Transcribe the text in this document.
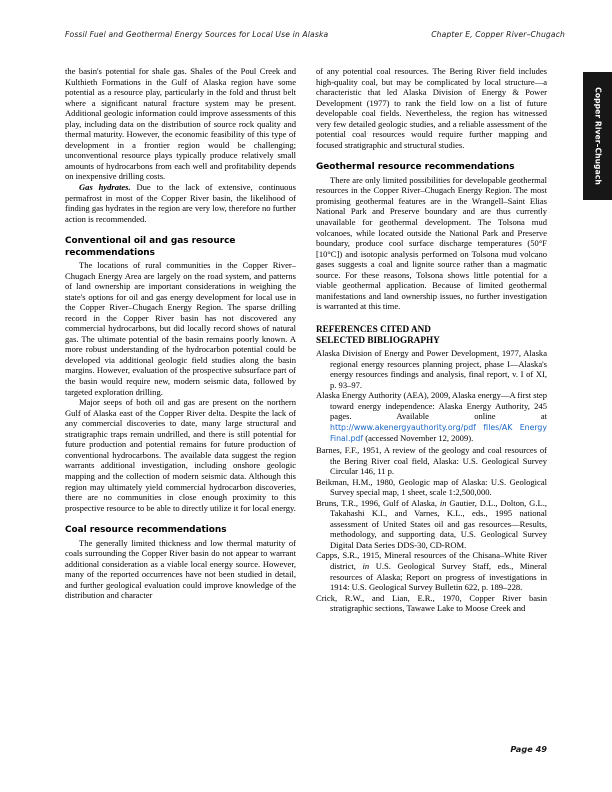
Fossil Fuel and Geothermal Energy Sources for Local Use in Alaska	Chapter E, Copper River–Chugach
Copper River–Chugach

the basin's potential for shale gas. Shales of the Poul Creek and Kulthieth Formations in the Gulf of Alaska region have some potential as a resource play, particularly in the fold and thrust belt where a significant natural fracture system may be present. Additional geologic information could improve assessments of this play, including data on the distribution of source rock quality and thermal maturity. However, the economic feasibility of this type of development in a frontier region would be challenging; unconventional resource plays typically produce relatively small amounts of hydrocarbons from each well and profitability depends on inexpensive drilling costs.

Gas hydrates. Due to the lack of extensive, continuous permafrost in most of the Copper River basin, the likelihood of finding gas hydrates in the region are very low, therefore no further action is recommended.

Conventional oil and gas resource recommendations

The locations of rural communities in the Copper River–Chugach Energy Area are largely on the road system, and patterns of land ownership are important considerations in weighing the state's options for oil and gas energy development for local use in the Copper River–Chugach Energy Region. The sparse drilling record in the Copper River basin has not discovered any commercial hydrocarbons, but did locally record shows of natural gas. The ultimate potential of the basin remains poorly known. A more robust understanding of the hydrocarbon potential could be developed via additional geologic field studies along the basin margins. However, evaluation of the prospective subsurface part of the basin would require new, modern seismic data, followed by targeted exploration drilling.

Major seeps of both oil and gas are present on the northern Gulf of Alaska east of the Copper River delta. Despite the lack of any commercial discoveries to date, many large structural and stratigraphic traps remain undrilled, and there is still potential for future production and potential remains for future production of conventional hydrocarbons. The available data suggest the region warrants additional investigation, including onshore geologic mapping and the collection of modern seismic data. Although this region may ultimately yield commercial hydrocarbon discoveries, there are no communities in close enough proximity to this prospective resource to be able to directly utilize it for local energy.

Coal resource recommendations

The generally limited thickness and low thermal maturity of coals surrounding the Copper River basin do not appear to warrant additional consideration as a viable local energy source. However, many of the reported occurrences have not been studied in detail, and further geological evaluation could improve knowledge of the distribution and character

of any potential coal resources. The Bering River field includes high-quality coal, but may be complicated by local structure—a characteristic that led Alaska Division of Energy & Power Development (1977) to rank the field low on a list of future developable coal fields. Nevertheless, the region has witnessed very few detailed geologic studies, and a reliable assessment of the potential coal resources would require further mapping and focused stratigraphic and structural studies.

Geothermal resource recommendations

There are only limited possibilities for developable geothermal resources in the Copper River–Chugach Energy Region. The most promising geothermal features are in the Wrangell–Saint Elias National Park and Preserve boundary and are thus currently unavailable for geothermal development. The Tolsona mud volcanoes, while located outside the National Park and Preserve boundary, produce cool surface discharge temperatures (50°F [10°C]) and isotopic analysis performed on Tolsona mud volcano gases suggests a coal and lignite source rather than a magmatic source. For these reasons, Tolsona shows little potential for a viable geothermal application. Because of limited geothermal manifestations and land ownership issues, no further investigation is warranted at this time.

REFERENCES CITED AND
SELECTED BIBLIOGRAPHY

Alaska Division of Energy and Power Development, 1977, Alaska regional energy resources planning project, phase I—Alaska's energy resources findings and analysis, final report, v. I of XI, p. 93–97.

Alaska Energy Authority (AEA), 2009, Alaska energy—A first step toward energy independence: Alaska Energy Authority, 245 pages. Available online at http://www.akenergyauthority.org/pdf files/AK Energy Final.pdf (accessed November 12, 2009).

Barnes, F.F., 1951, A review of the geology and coal resources of the Bering River coal field, Alaska: U.S. Geological Survey Circular 146, 11 p.

Beikman, H.M., 1980, Geologic map of Alaska: U.S. Geological Survey special map, 1 sheet, scale 1:2,500,000.

Bruns, T.R., 1996, Gulf of Alaska, in Gautier, D.L., Dolton, G.L., Takahashi K.I., and Varnes, K.L., eds., 1995 national assessment of United States oil and gas resources—Results, methodology, and supporting data, U.S. Geological Survey Digital Data Series DDS-30, CD-ROM.

Capps, S.R., 1915, Mineral resources of the Chisana–White River district, in U.S. Geological Survey Staff, eds., Mineral resources of Alaska; Report on progress of investigations in 1914: U.S. Geological Survey Bulletin 622, p. 189–228.

Crick, R.W., and Lian, E.R., 1970, Copper River basin stratigraphic sections, Tawawe Lake to Moose Creek and

Page 49
